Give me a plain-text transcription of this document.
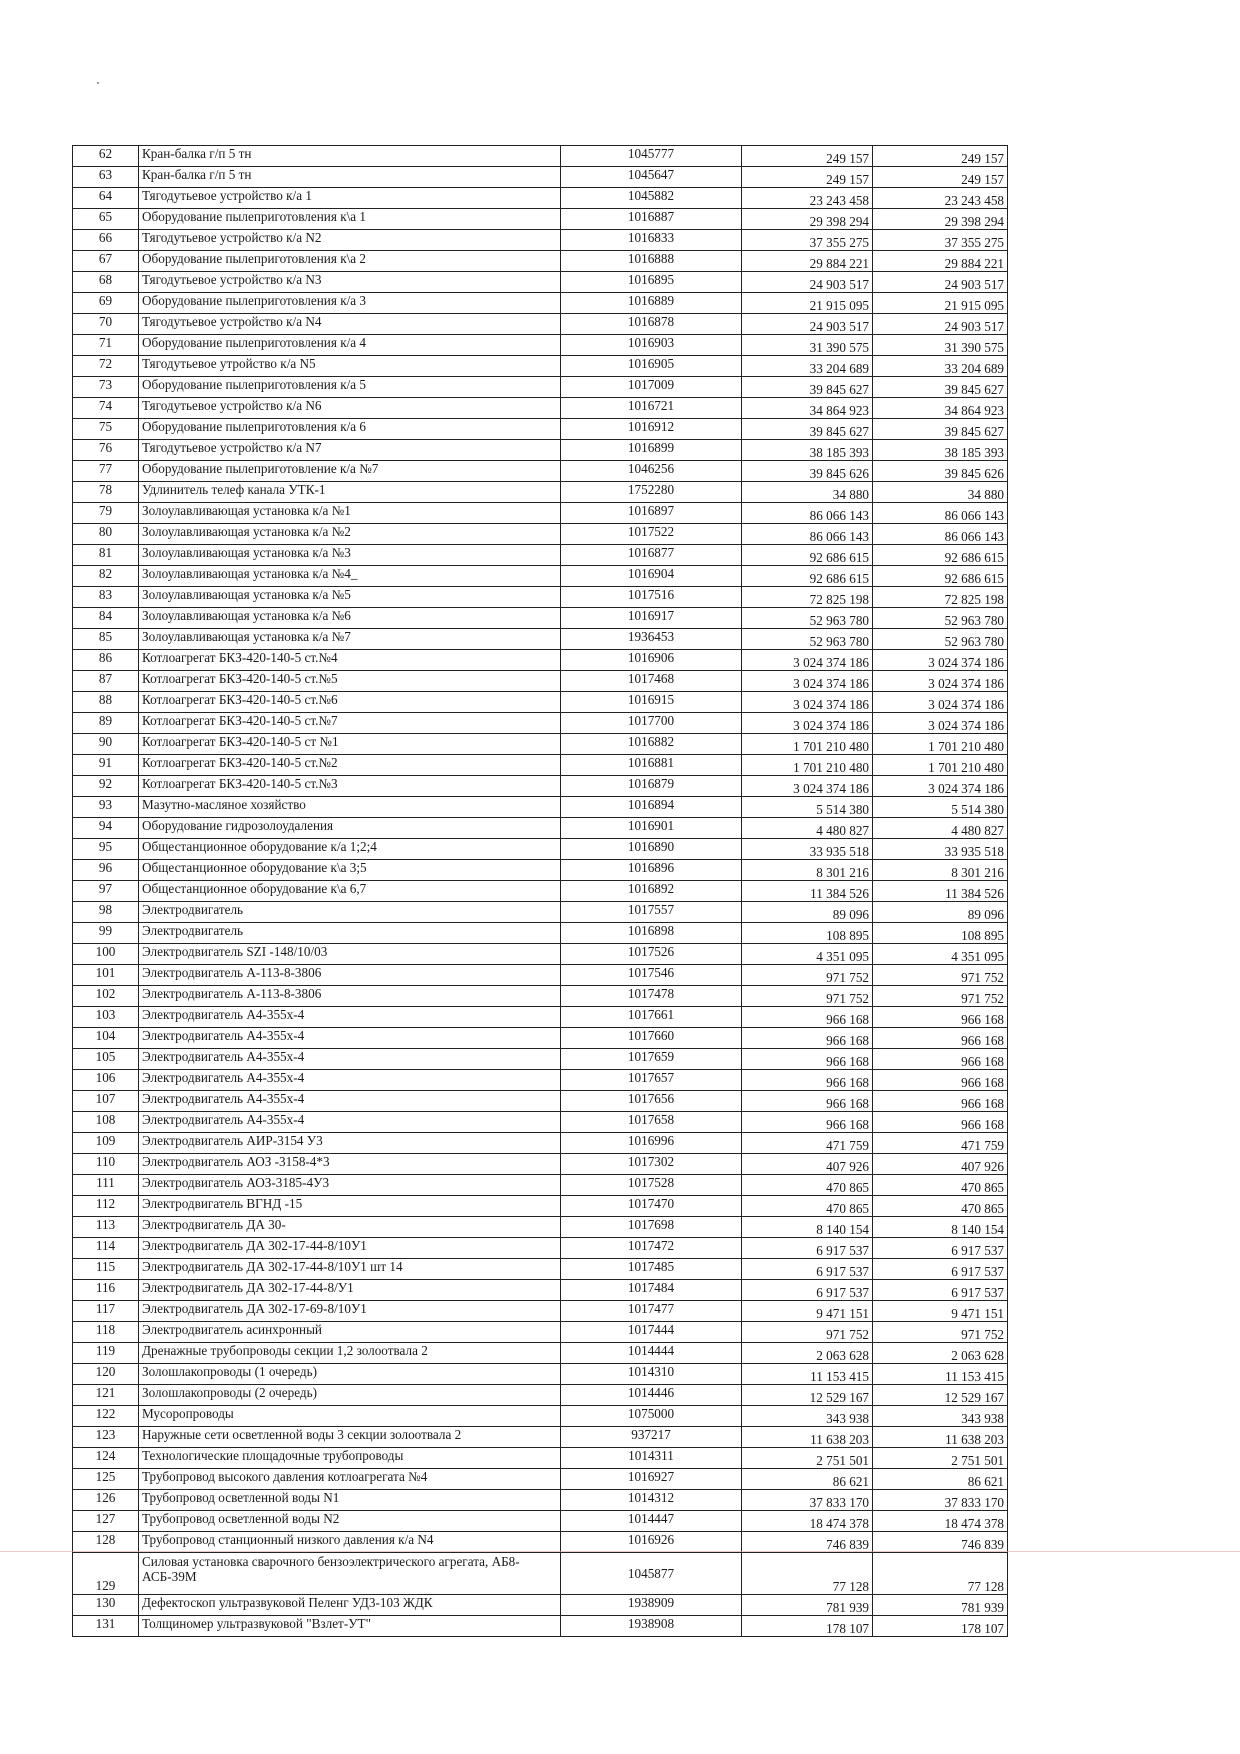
62	Кран-балка г/п 5 тн	1045777	249 157	249 157
63	Кран-балка г/п 5 тн	1045647	249 157	249 157
64	Тягодутьевое устройство к/а 1	1045882	23 243 458	23 243 458
65	Оборудование пылеприготовления к\а 1	1016887	29 398 294	29 398 294
66	Тягодутьевое устройство к/а N2	1016833	37 355 275	37 355 275
67	Оборудование пылеприготовления к\а 2	1016888	29 884 221	29 884 221
68	Тягодутьевое устройство к/а N3	1016895	24 903 517	24 903 517
69	Оборудование пылеприготовления к/а 3	1016889	21 915 095	21 915 095
70	Тягодутьевое устройство к/а N4	1016878	24 903 517	24 903 517
71	Оборудование пылеприготовления к/а 4	1016903	31 390 575	31 390 575
72	Тягодутьевое утройство к/а N5	1016905	33 204 689	33 204 689
73	Оборудование пылеприготовления к/а 5	1017009	39 845 627	39 845 627
74	Тягодутьевое устройство к/а N6	1016721	34 864 923	34 864 923
75	Оборудование пылеприготовления к/а 6	1016912	39 845 627	39 845 627
76	Тягодутьевое устройство к/а N7	1016899	38 185 393	38 185 393
77	Оборудование пылеприготовление к/а №7	1046256	39 845 626	39 845 626
78	Удлинитель телеф канала УТК-1	1752280	34 880	34 880
79	Золоулавливающая установка к/а №1	1016897	86 066 143	86 066 143
80	Золоулавливающая установка к/а №2	1017522	86 066 143	86 066 143
81	Золоулавливающая установка к/а №3	1016877	92 686 615	92 686 615
82	Золоулавливающая установка к/а №4_	1016904	92 686 615	92 686 615
83	Золоулавливающая установка к/а №5	1017516	72 825 198	72 825 198
84	Золоулавливающая установка к/а №6	1016917	52 963 780	52 963 780
85	Золоулавливающая установка к/а №7	1936453	52 963 780	52 963 780
86	Котлоагрегат БКЗ-420-140-5 ст.№4	1016906	3 024 374 186	3 024 374 186
87	Котлоагрегат БКЗ-420-140-5 ст.№5	1017468	3 024 374 186	3 024 374 186
88	Котлоагрегат БКЗ-420-140-5 ст.№6	1016915	3 024 374 186	3 024 374 186
89	Котлоагрегат БКЗ-420-140-5 ст.№7	1017700	3 024 374 186	3 024 374 186
90	Котлоагрегат БКЗ-420-140-5 ст №1	1016882	1 701 210 480	1 701 210 480
91	Котлоагрегат БКЗ-420-140-5 ст.№2	1016881	1 701 210 480	1 701 210 480
92	Котлоагрегат БКЗ-420-140-5 ст.№3	1016879	3 024 374 186	3 024 374 186
93	Мазутно-масляное хозяйство	1016894	5 514 380	5 514 380
94	Оборудование гидрозолоудаления	1016901	4 480 827	4 480 827
95	Общестанционное оборудование к/а 1;2;4	1016890	33 935 518	33 935 518
96	Общестанционное оборудование к\а 3;5	1016896	8 301 216	8 301 216
97	Общестанционное оборудование к\а 6,7	1016892	11 384 526	11 384 526
98	Электродвигатель	1017557	89 096	89 096
99	Электродвигатель	1016898	108 895	108 895
100	Электродвигатель SZI -148/10/03	1017526	4 351 095	4 351 095
101	Электродвигатель А-113-8-3806	1017546	971 752	971 752
102	Электродвигатель А-113-8-3806	1017478	971 752	971 752
103	Электродвигатель А4-355х-4	1017661	966 168	966 168
104	Электродвигатель А4-355х-4	1017660	966 168	966 168
105	Электродвигатель А4-355х-4	1017659	966 168	966 168
106	Электродвигатель А4-355х-4	1017657	966 168	966 168
107	Электродвигатель А4-355х-4	1017656	966 168	966 168
108	Электродвигатель А4-355х-4	1017658	966 168	966 168
109	Электродвигатель АИР-3154 У3	1016996	471 759	471 759
110	Электродвигатель АОЗ -3158-4*3	1017302	407 926	407 926
111	Электродвигатель АОЗ-3185-4У3	1017528	470 865	470 865
112	Электродвигатель ВГНД -15	1017470	470 865	470 865
113	Электродвигатель ДА 30-	1017698	8 140 154	8 140 154
114	Электродвигатель ДА 302-17-44-8/10У1	1017472	6 917 537	6 917 537
115	Электродвигатель ДА 302-17-44-8/10У1 шт 14	1017485	6 917 537	6 917 537
116	Электродвигатель ДА 302-17-44-8/У1	1017484	6 917 537	6 917 537
117	Электродвигатель ДА 302-17-69-8/10У1	1017477	9 471 151	9 471 151
118	Электродвигатель асинхронный	1017444	971 752	971 752
119	Дренажные трубопроводы секции 1,2 золоотвала 2	1014444	2 063 628	2 063 628
120	Золошлакопроводы (1 очередь)	1014310	11 153 415	11 153 415
121	Золошлакопроводы (2 очередь)	1014446	12 529 167	12 529 167
122	Мусоропроводы	1075000	343 938	343 938
123	Наружные сети осветленной воды 3 секции золоотвала 2	937217	11 638 203	11 638 203
124	Технологические площадочные трубопроводы	1014311	2 751 501	2 751 501
125	Трубопровод высокого давления котлоагрегата №4	1016927	86 621	86 621
126	Трубопровод осветленной воды N1	1014312	37 833 170	37 833 170
127	Трубопровод осветленной воды N2	1014447	18 474 378	18 474 378
128	Трубопровод станционный низкого давления к/а N4	1016926	746 839	746 839
129	Силовая установка сварочного бензоэлектрического агрегата, АБ8-АСБ-39М	1045877	77 128	77 128
130	Дефектоскоп ультразвуковой Пеленг УД3-103 ЖДК	1938909	781 939	781 939
131	Толщиномер ультразвуковой "Взлет-УТ"	1938908	178 107	178 107
